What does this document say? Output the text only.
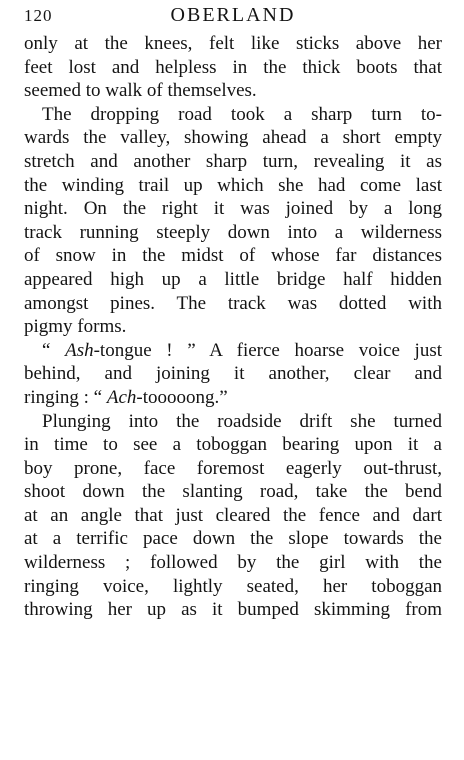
120	OBERLAND
only at the knees, felt like sticks above her
feet lost and helpless in the thick boots that
seemed to walk of themselves.
The dropping road took a sharp turn to-
wards the valley, showing ahead a short empty
stretch and another sharp turn, revealing it as
the winding trail up which she had come last
night. On the right it was joined by a long
track running steeply down into a wilderness
of snow in the midst of whose far distances
appeared high up a little bridge half hidden
amongst pines. The track was dotted with
pigmy forms.
“ Ash-tongue ! ” A fierce hoarse voice just
behind, and joining it another, clear and
ringing : “ Ach-tooooong.”
Plunging into the roadside drift she turned
in time to see a toboggan bearing upon it a
boy prone, face foremost eagerly out-thrust,
shoot down the slanting road, take the bend
at an angle that just cleared the fence and dart
at a terrific pace down the slope towards the
wilderness ; followed by the girl with the
ringing voice, lightly seated, her toboggan
throwing her up as it bumped skimming from
